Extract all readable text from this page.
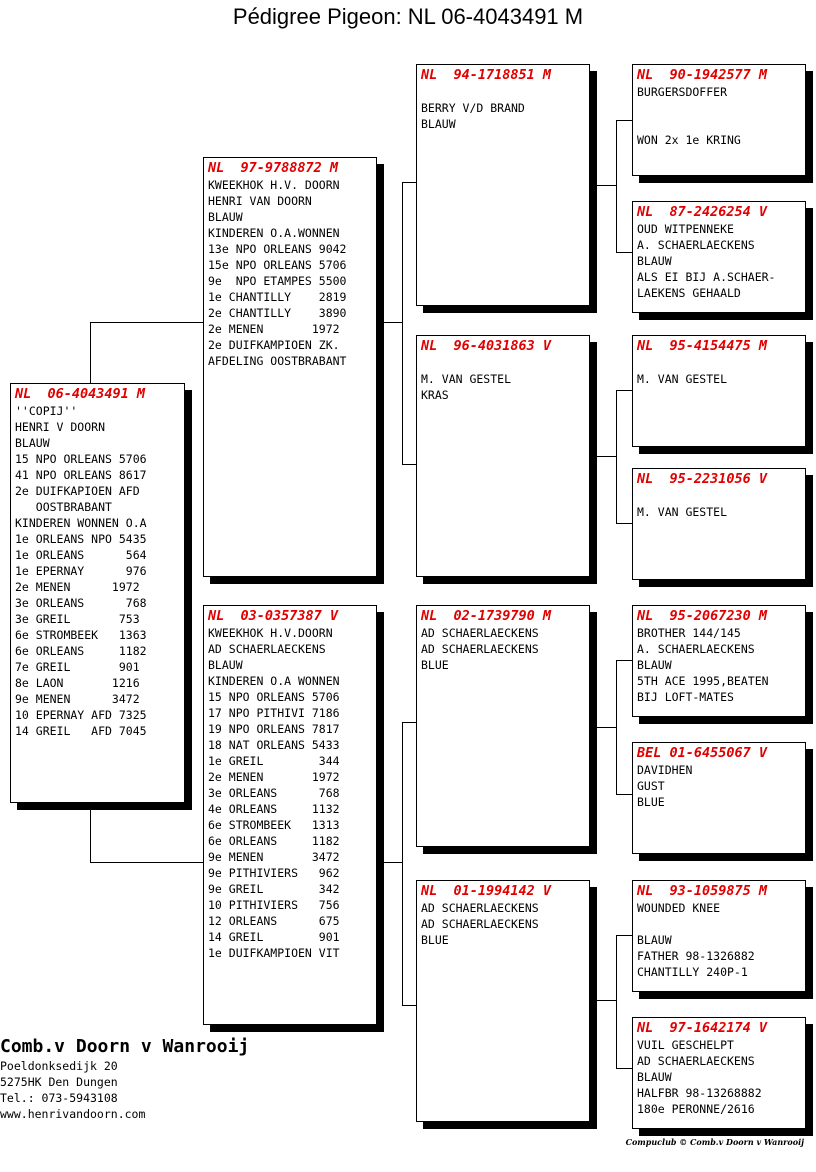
Pédigree Pigeon: NL 06-4043491 M
NL  06-4043491 M
''COPIJ''
HENRI V DOORN
BLAUW
15 NPO ORLEANS 5706
41 NPO ORLEANS 8617
2e DUIFKAPIOEN AFD
OOSTBRABANT
KINDEREN WONNEN O.A
1e ORLEANS NPO 5435
1e ORLEANS      564
1e EPERNAY      976
2e MENEN      1972
3e ORLEANS      768
3e GREIL       753
6e STROMBEEK   1363
6e ORLEANS     1182
7e GREIL       901
8e LAON       1216
9e MENEN      3472
10 EPERNAY AFD 7325
14 GREIL   AFD 7045
NL  97-9788872 M
KWEEKHOK H.V. DOORN
HENRI VAN DOORN
BLAUW
KINDEREN O.A.WONNEN
13e NPO ORLEANS 9042
15e NPO ORLEANS 5706
9e  NPO ETAMPES 5500
1e CHANTILLY    2819
2e CHANTILLY    3890
2e MENEN       1972
2e DUIFKAMPIOEN ZK.
AFDELING OOSTBRABANT
NL  03-0357387 V
KWEEKHOK H.V.DOORN
AD SCHAERLAECKENS
BLAUW
KINDEREN O.A WONNEN
15 NPO ORLEANS 5706
17 NPO PITHIVI 7186
19 NPO ORLEANS 7817
18 NAT ORLEANS 5433
1e GREIL        344
2e MENEN       1972
3e ORLEANS      768
4e ORLEANS     1132
6e STROMBEEK   1313
6e ORLEANS     1182
9e MENEN       3472
9e PITHIVIERS   962
9e GREIL        342
10 PITHIVIERS   756
12 ORLEANS      675
14 GREIL        901
1e DUIFKAMPIOEN VIT
NL  94-1718851 M

BERRY V/D BRAND
BLAUW
NL  96-4031863 V

M. VAN GESTEL
KRAS
NL  02-1739790 M
AD SCHAERLAECKENS
AD SCHAERLAECKENS
BLUE
NL  01-1994142 V
AD SCHAERLAECKENS
AD SCHAERLAECKENS
BLUE
NL  90-1942577 M
BURGERSDOFFER

WON 2x 1e KRING
NL  87-2426254 V
OUD WITPENNEKE
A. SCHAERLAECKENS
BLAUW
ALS EI BIJ A.SCHAER-
LAEKENS GEHAALD
NL  95-4154475 M

M. VAN GESTEL
NL  95-2231056 V

M. VAN GESTEL
NL  95-2067230 M
BROTHER 144/145
A. SCHAERLAECKENS
BLAUW
5TH ACE 1995,BEATEN
BIJ LOFT-MATES
BEL 01-6455067 V
DAVIDHEN
GUST
BLUE
NL  93-1059875 M
WOUNDED KNEE

BLAUW
FATHER 98-1326882
CHANTILLY 240P-1
NL  97-1642174 V
VUIL GESCHELPT
AD SCHAERLAECKENS
BLAUW
HALFBR 98-13268882
180e PERONNE/2616
Comb.v Doorn v Wanrooij
Poeldonksedijk 20
5275HK Den Dungen
Tel.: 073-5943108
www.henrivandoorn.com
Compuclub © Comb.v Doorn v Wanrooij
